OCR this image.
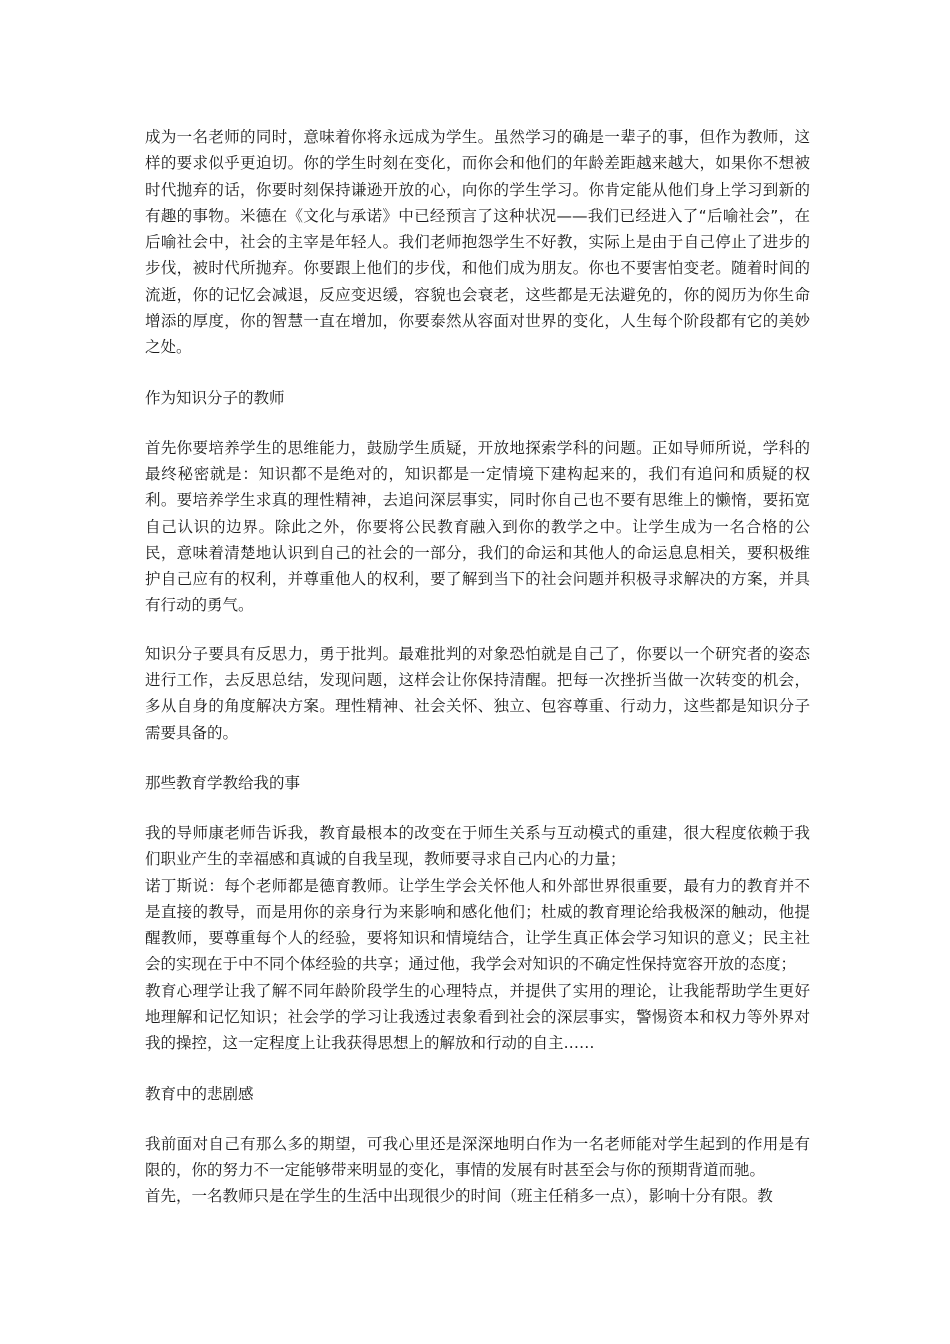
成为一名老师的同时，意味着你将永远成为学生。虽然学习的确是一辈子的事，但作为教师，这样的要求似乎更迫切。你的学生时刻在变化，而你会和他们的年龄差距越来越大，如果你不想被时代抛弃的话，你要时刻保持谦逊开放的心，向你的学生学习。你肯定能从他们身上学习到新的有趣的事物。米德在《文化与承诺》中已经预言了这种状况——我们已经进入了“后喻社会”，在后喻社会中，社会的主宰是年轻人。我们老师抱怨学生不好教，实际上是由于自己停止了进步的步伐，被时代所抛弃。你要跟上他们的步伐，和他们成为朋友。你也不要害怕变老。随着时间的流逝，你的记忆会减退，反应变迟缓，容貌也会衰老，这些都是无法避免的，你的阅历为你生命增添的厚度，你的智慧一直在增加，你要泰然从容面对世界的变化，人生每个阶段都有它的美妙之处。

作为知识分子的教师

首先你要培养学生的思维能力，鼓励学生质疑，开放地探索学科的问题。正如导师所说，学科的最终秘密就是：知识都不是绝对的，知识都是一定情境下建构起来的，我们有追问和质疑的权利。要培养学生求真的理性精神，去追问深层事实，同时你自己也不要有思维上的懒惰，要拓宽自己认识的边界。除此之外，你要将公民教育融入到你的教学之中。让学生成为一名合格的公民，意味着清楚地认识到自己的社会的一部分，我们的命运和其他人的命运息息相关，要积极维护自己应有的权利，并尊重他人的权利，要了解到当下的社会问题并积极寻求解决的方案，并具有行动的勇气。

知识分子要具有反思力，勇于批判。最难批判的对象恐怕就是自己了，你要以一个研究者的姿态进行工作，去反思总结，发现问题，这样会让你保持清醒。把每一次挫折当做一次转变的机会，多从自身的角度解决方案。理性精神、社会关怀、独立、包容尊重、行动力，这些都是知识分子需要具备的。

那些教育学教给我的事

我的导师康老师告诉我，教育最根本的改变在于师生关系与互动模式的重建，很大程度依赖于我们职业产生的幸福感和真诚的自我呈现，教师要寻求自己内心的力量；

诺丁斯说：每个老师都是德育教师。让学生学会关怀他人和外部世界很重要，最有力的教育并不是直接的教导，而是用你的亲身行为来影响和感化他们；杜威的教育理论给我极深的触动，他提醒教师，要尊重每个人的经验，要将知识和情境结合，让学生真正体会学习知识的意义；民主社会的实现在于中不同个体经验的共享；通过他，我学会对知识的不确定性保持宽容开放的态度；

教育心理学让我了解不同年龄阶段学生的心理特点，并提供了实用的理论，让我能帮助学生更好地理解和记忆知识；社会学的学习让我透过表象看到社会的深层事实，警惕资本和权力等外界对我的操控，这一定程度上让我获得思想上的解放和行动的自主……

教育中的悲剧感

我前面对自己有那么多的期望，可我心里还是深深地明白作为一名老师能对学生起到的作用是有限的，你的努力不一定能够带来明显的变化，事情的发展有时甚至会与你的预期背道而驰。

首先，一名教师只是在学生的生活中出现很少的时间（班主任稍多一点），影响十分有限。教
